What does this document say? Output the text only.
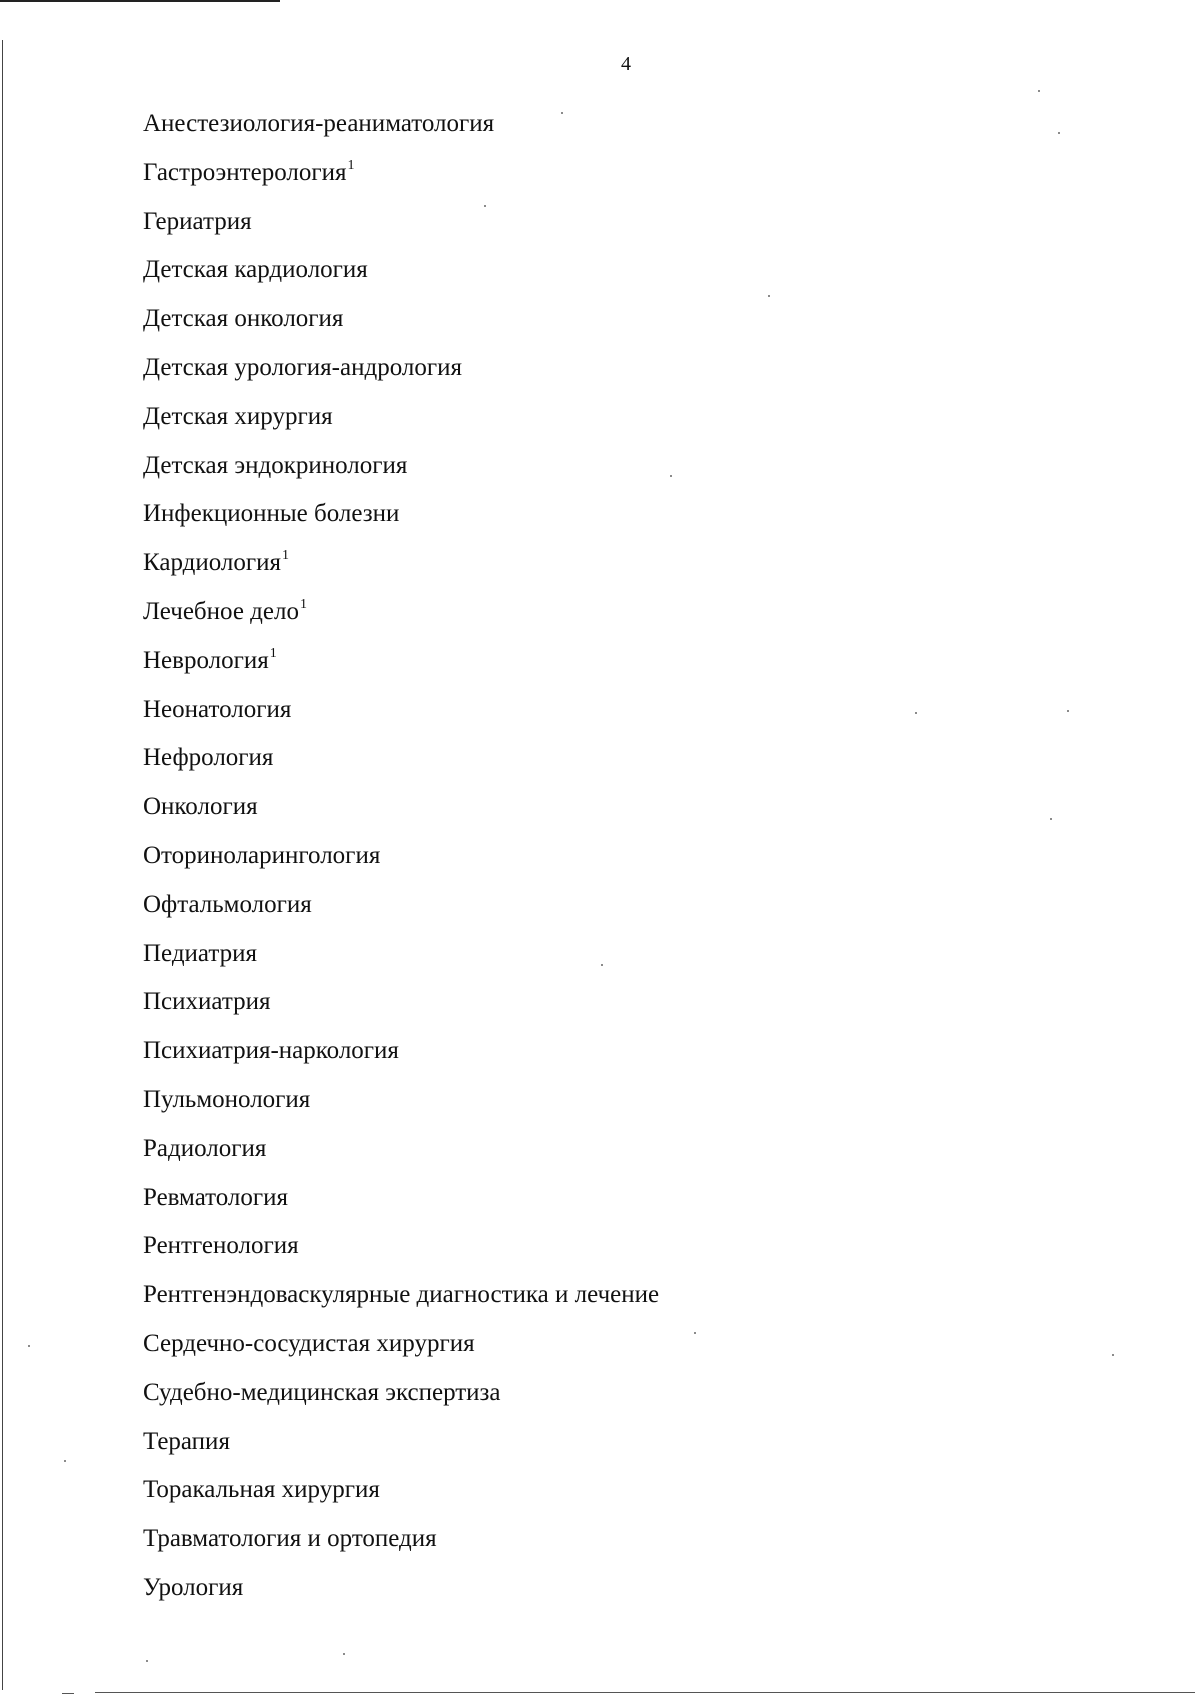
4
Анестезиология-реаниматология
Гастроэнтерология$^1$
Гериатрия
Детская кардиология
Детская онкология
Детская урология-андрология
Детская хирургия
Детская эндокринология
Инфекционные болезни
Кардиология$^1$
Лечебное дело$^1$
Неврология$^1$
Неонатология
Нефрология
Онкология
Оториноларингология
Офтальмология
Педиатрия
Психиатрия
Психиатрия-наркология
Пульмонология
Радиология
Ревматология
Рентгенология
Рентгенэндоваскулярные диагностика и лечение
Сердечно-сосудистая хирургия
Судебно-медицинская экспертиза
Терапия
Торакальная хирургия
Травматология и ортопедия
Урология
